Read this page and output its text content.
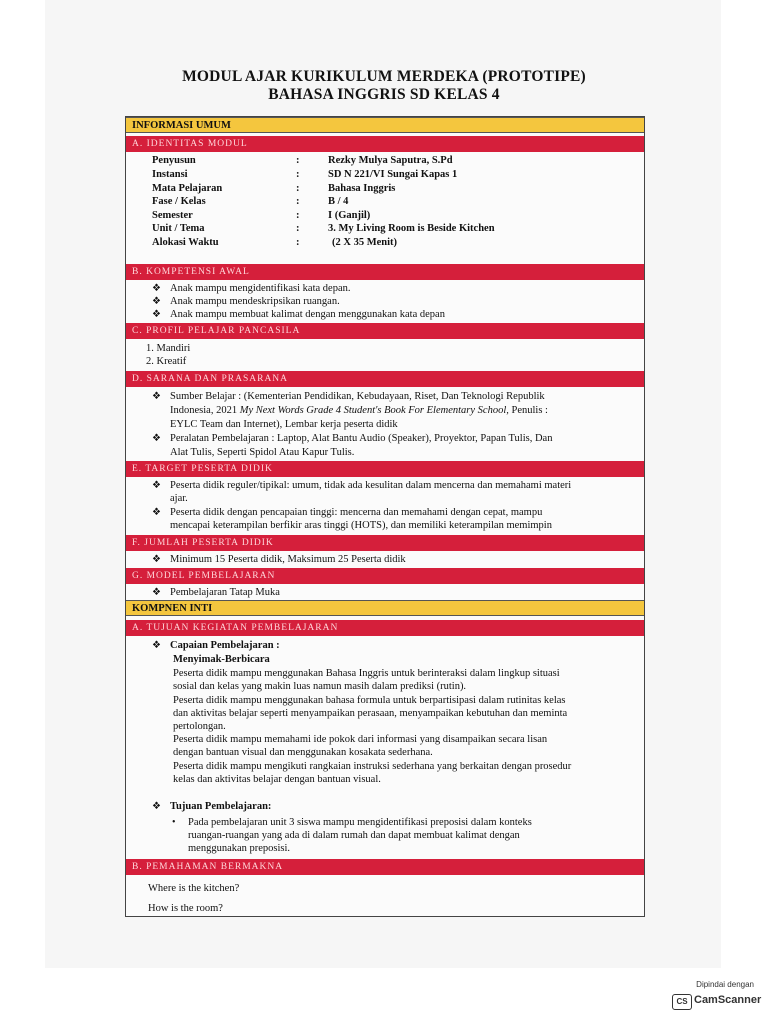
MODUL AJAR KURIKULUM MERDEKA (PROTOTIPE)
BAHASA INGGRIS SD KELAS 4
INFORMASI UMUM
A. IDENTITAS MODUL
Penyusun	:	Rezky Mulya Saputra, S.Pd
Instansi	:	SD N 221/VI Sungai Kapas 1
Mata Pelajaran	:	Bahasa Inggris
Fase / Kelas	:	B / 4
Semester	:	I (Ganjil)
Unit / Tema	:	3. My Living Room is Beside Kitchen
Alokasi Waktu	:	(2 X 35 Menit)
B. KOMPETENSI AWAL
❖ Anak mampu mengidentifikasi kata depan.
❖ Anak mampu mendeskripsikan ruangan.
❖ Anak mampu membuat kalimat dengan menggunakan kata depan
C. PROFIL PELAJAR PANCASILA
1. Mandiri
2. Kreatif
D. SARANA DAN PRASARANA
❖ Sumber Belajar : (Kementerian Pendidikan, Kebudayaan, Riset, Dan Teknologi Republik
Indonesia, 2021 My Next Words Grade 4 Student's Book For Elementary School, Penulis :
EYLC Team dan Internet), Lembar kerja peserta didik
❖ Peralatan Pembelajaran : Laptop, Alat Bantu Audio (Speaker), Proyektor, Papan Tulis, Dan
Alat Tulis, Seperti Spidol Atau Kapur Tulis.
E. TARGET PESERTA DIDIK
❖ Peserta didik reguler/tipikal: umum, tidak ada kesulitan dalam mencerna dan memahami materi
ajar.
❖ Peserta didik dengan pencapaian tinggi: mencerna dan memahami dengan cepat, mampu
mencapai keterampilan berfikir aras tinggi (HOTS), dan memiliki keterampilan memimpin
F. JUMLAH PESERTA DIDIK
❖ Minimum 15 Peserta didik, Maksimum 25 Peserta didik
G. MODEL PEMBELAJARAN
❖ Pembelajaran Tatap Muka
KOMPNEN INTI
A. TUJUAN KEGIATAN PEMBELAJARAN
❖ Capaian Pembelajaran :
Menyimak-Berbicara
Peserta didik mampu menggunakan Bahasa Inggris untuk berinteraksi dalam lingkup situasi
sosial dan kelas yang makin luas namun masih dalam prediksi (rutin).
Peserta didik mampu menggunakan bahasa formula untuk berpartisipasi dalam rutinitas kelas
dan aktivitas belajar seperti menyampaikan perasaan, menyampaikan kebutuhan dan meminta
pertolongan.
Peserta didik mampu memahami ide pokok dari informasi yang disampaikan secara lisan
dengan bantuan visual dan menggunakan kosakata sederhana.
Peserta didik mampu mengikuti rangkaian instruksi sederhana yang berkaitan dengan prosedur
kelas dan aktivitas belajar dengan bantuan visual.
❖ Tujuan Pembelajaran:
• Pada pembelajaran unit 3 siswa mampu mengidentifikasi preposisi dalam konteks
ruangan-ruangan yang ada di dalam rumah dan dapat membuat kalimat dengan
menggunakan preposisi.
B. PEMAHAMAN BERMAKNA
Where is the kitchen?
How is the room?
Dipindai dengan
CS CamScanner
